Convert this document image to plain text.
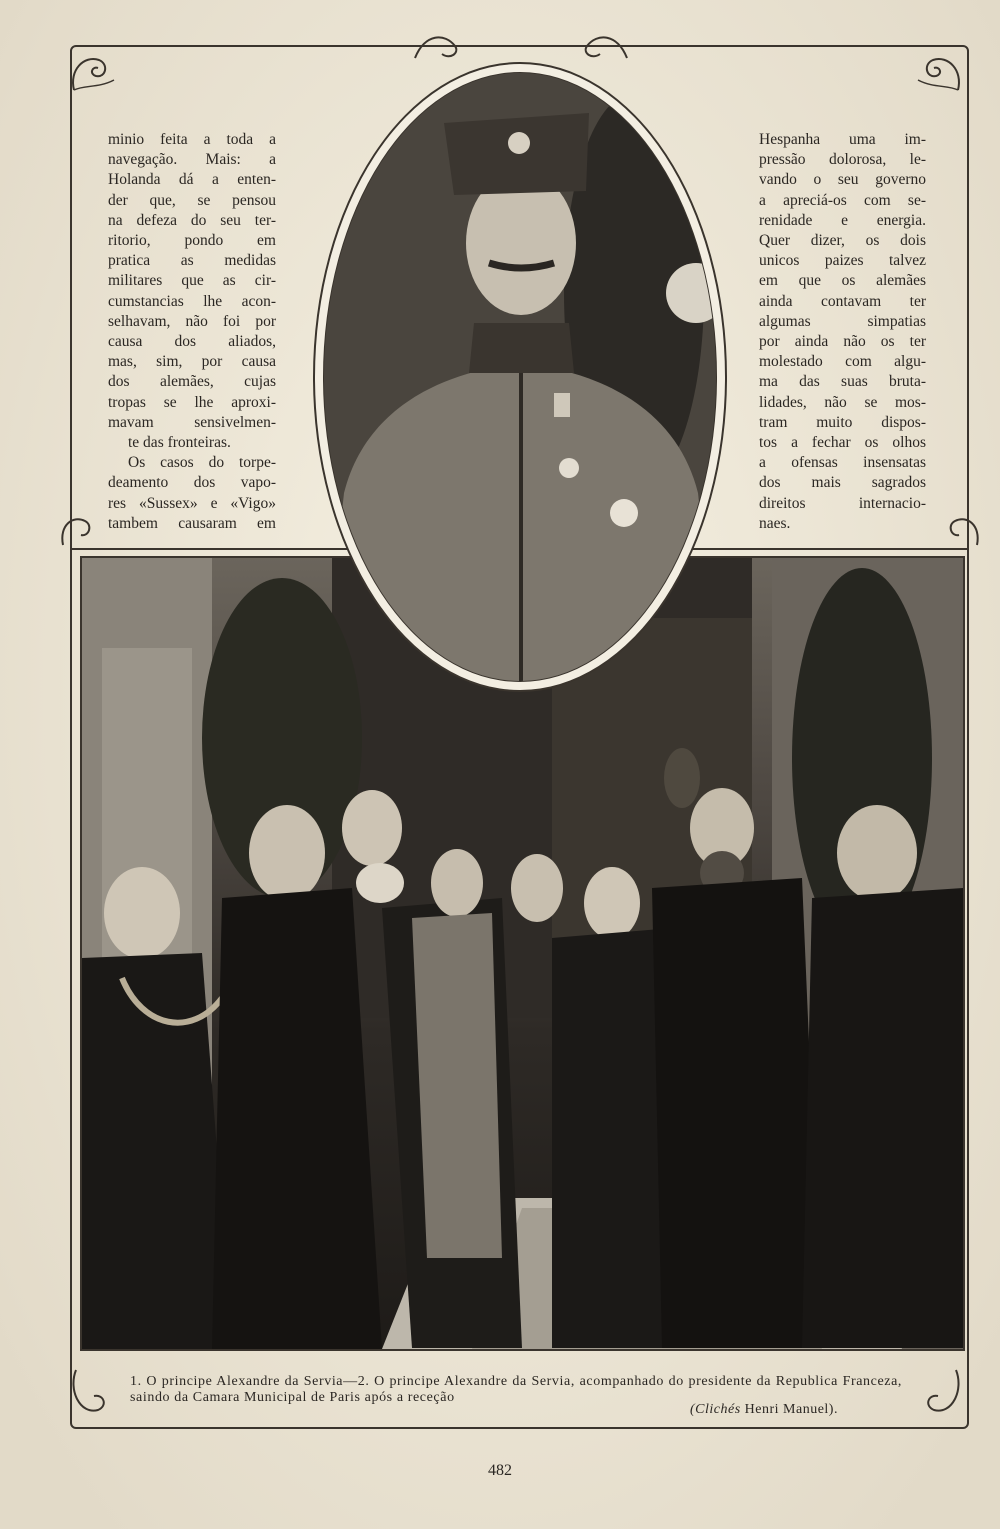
minio feita a toda a
navegação. Mais: a
Holanda dá a enten-
der que, se pensou
na defeza do seu ter-
ritorio, pondo em
pratica as medidas
militares que as cir-
cumstancias lhe acon-
selhavam, não foi por
causa dos aliados,
mas, sim, por causa
dos alemães, cujas
tropas se lhe aproxi-
mavam sensivelmen-
te das fronteiras.

Os casos do torpe-
deamento dos vapo-
res «Sussex» e «Vigo»
tambem causaram em

Hespanha uma im-
pressão dolorosa, le-
vando o seu governo
a apreciá-os com se-
renidade e energia.
Quer dizer, os dois
unicos paizes talvez
em que os alemães
ainda contavam ter
algumas simpatias
por ainda não os ter
molestado com algu-
ma das suas bruta-
lidades, não se mos-
tram muito dispos-
tos a fechar os olhos
a ofensas insensatas
dos mais sagrados
direitos internacio-
naes.

1. O principe Alexandre da Servia—2. O principe Alexandre da Servia, acompanhado do presidente da Republica Franceza, saindo da Camara Municipal de Paris após a receção
(Clichés Henri Manuel).
482
